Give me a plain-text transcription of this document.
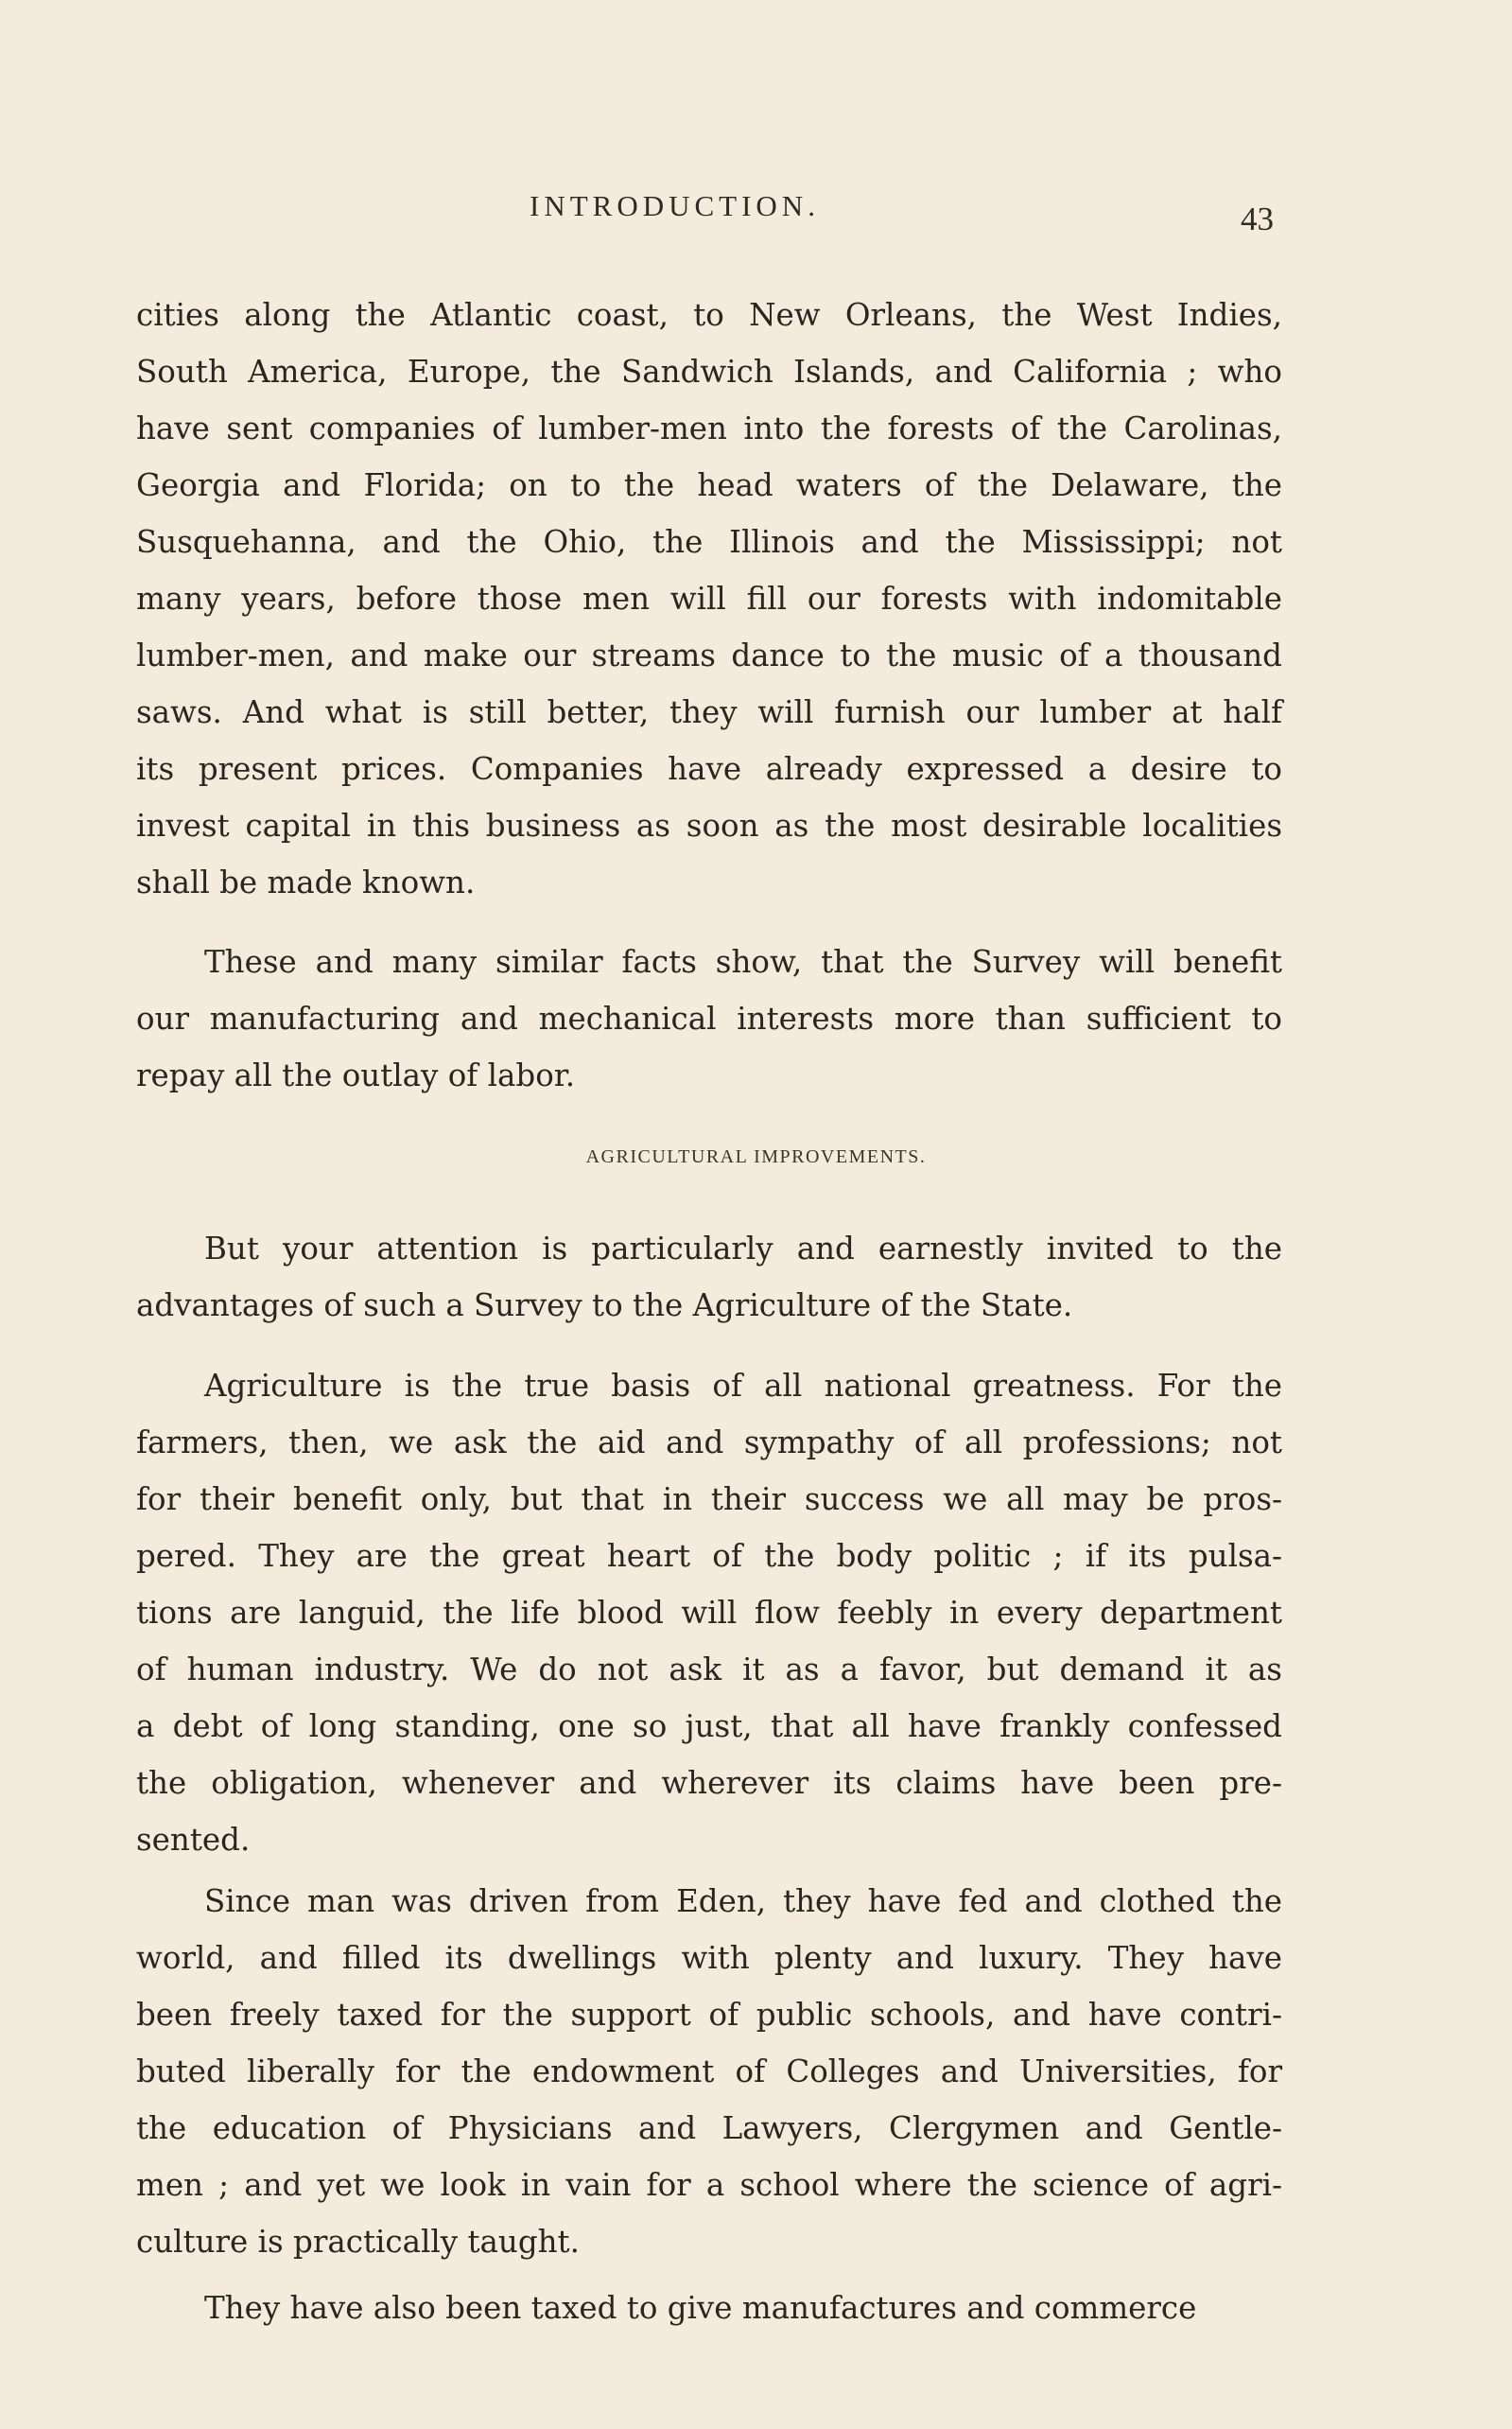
INTRODUCTION.	43
cities along the Atlantic coast, to New Orleans, the West Indies,
South America, Europe, the Sandwich Islands, and California ; who
have sent companies of lumber-men into the forests of the Carolinas,
Georgia and Florida; on to the head waters of the Delaware, the
Susquehanna, and the Ohio, the Illinois and the Mississippi; not
many years, before those men will fill our forests with indomitable
lumber-men, and make our streams dance to the music of a thousand
saws. And what is still better, they will furnish our lumber at half
its present prices. Companies have already expressed a desire to
invest capital in this business as soon as the most desirable localities
shall be made known.
These and many similar facts show, that the Survey will benefit
our manufacturing and mechanical interests more than sufficient to
repay all the outlay of labor.
AGRICULTURAL IMPROVEMENTS.
But your attention is particularly and earnestly invited to the
advantages of such a Survey to the Agriculture of the State.
Agriculture is the true basis of all national greatness. For the
farmers, then, we ask the aid and sympathy of all professions; not
for their benefit only, but that in their success we all may be pros-
pered. They are the great heart of the body politic ; if its pulsa-
tions are languid, the life blood will flow feebly in every department
of human industry. We do not ask it as a favor, but demand it as
a debt of long standing, one so just, that all have frankly confessed
the obligation, whenever and wherever its claims have been pre-
sented.
Since man was driven from Eden, they have fed and clothed the
world, and filled its dwellings with plenty and luxury. They have
been freely taxed for the support of public schools, and have contri-
buted liberally for the endowment of Colleges and Universities, for
the education of Physicians and Lawyers, Clergymen and Gentle-
men ; and yet we look in vain for a school where the science of agri-
culture is practically taught.
They have also been taxed to give manufactures and commerce
